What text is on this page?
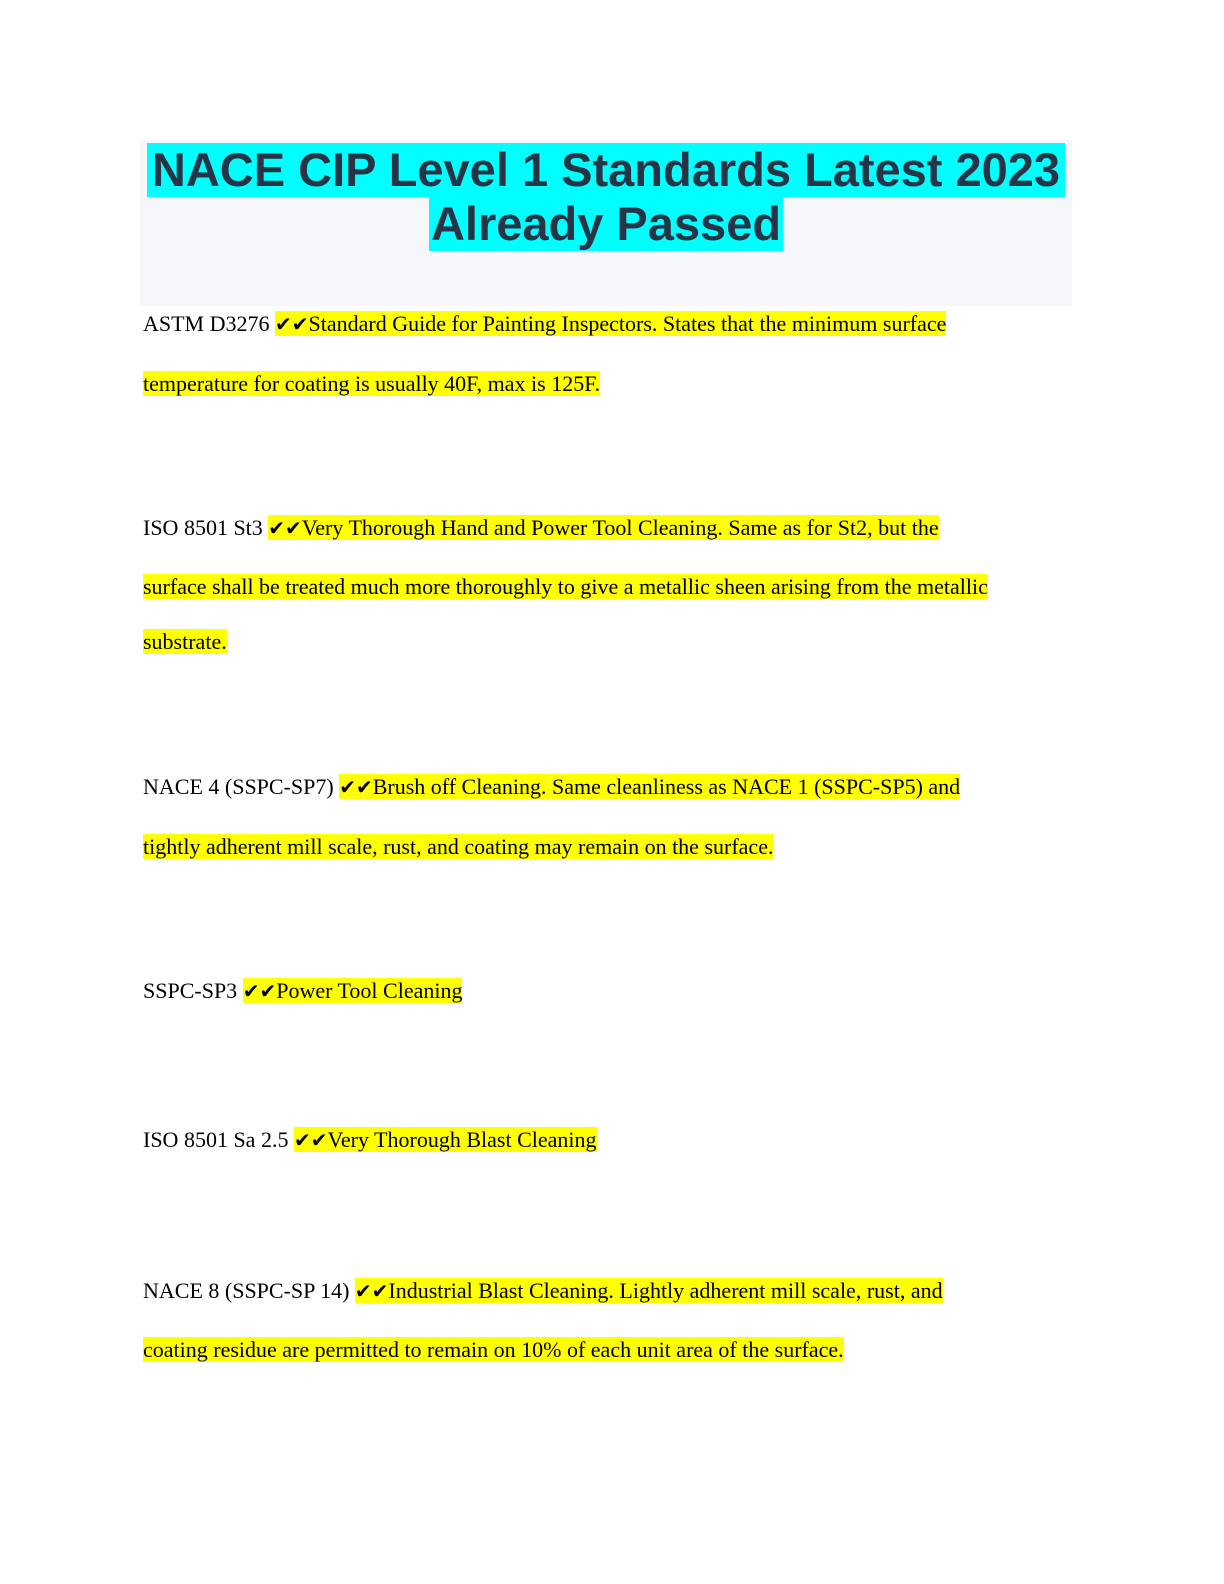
NACE CIP Level 1 Standards Latest 2023
Already Passed
ASTM D3276 ✔✔Standard Guide for Painting Inspectors. States that the minimum surface
temperature for coating is usually 40F, max is 125F.
ISO 8501 St3 ✔✔Very Thorough Hand and Power Tool Cleaning. Same as for St2, but the
surface shall be treated much more thoroughly to give a metallic sheen arising from the metallic
substrate.
NACE 4 (SSPC-SP7) ✔✔Brush off Cleaning. Same cleanliness as NACE 1 (SSPC-SP5) and
tightly adherent mill scale, rust, and coating may remain on the surface.
SSPC-SP3 ✔✔Power Tool Cleaning
ISO 8501 Sa 2.5 ✔✔Very Thorough Blast Cleaning
NACE 8 (SSPC-SP 14) ✔✔Industrial Blast Cleaning. Lightly adherent mill scale, rust, and
coating residue are permitted to remain on 10% of each unit area of the surface.
